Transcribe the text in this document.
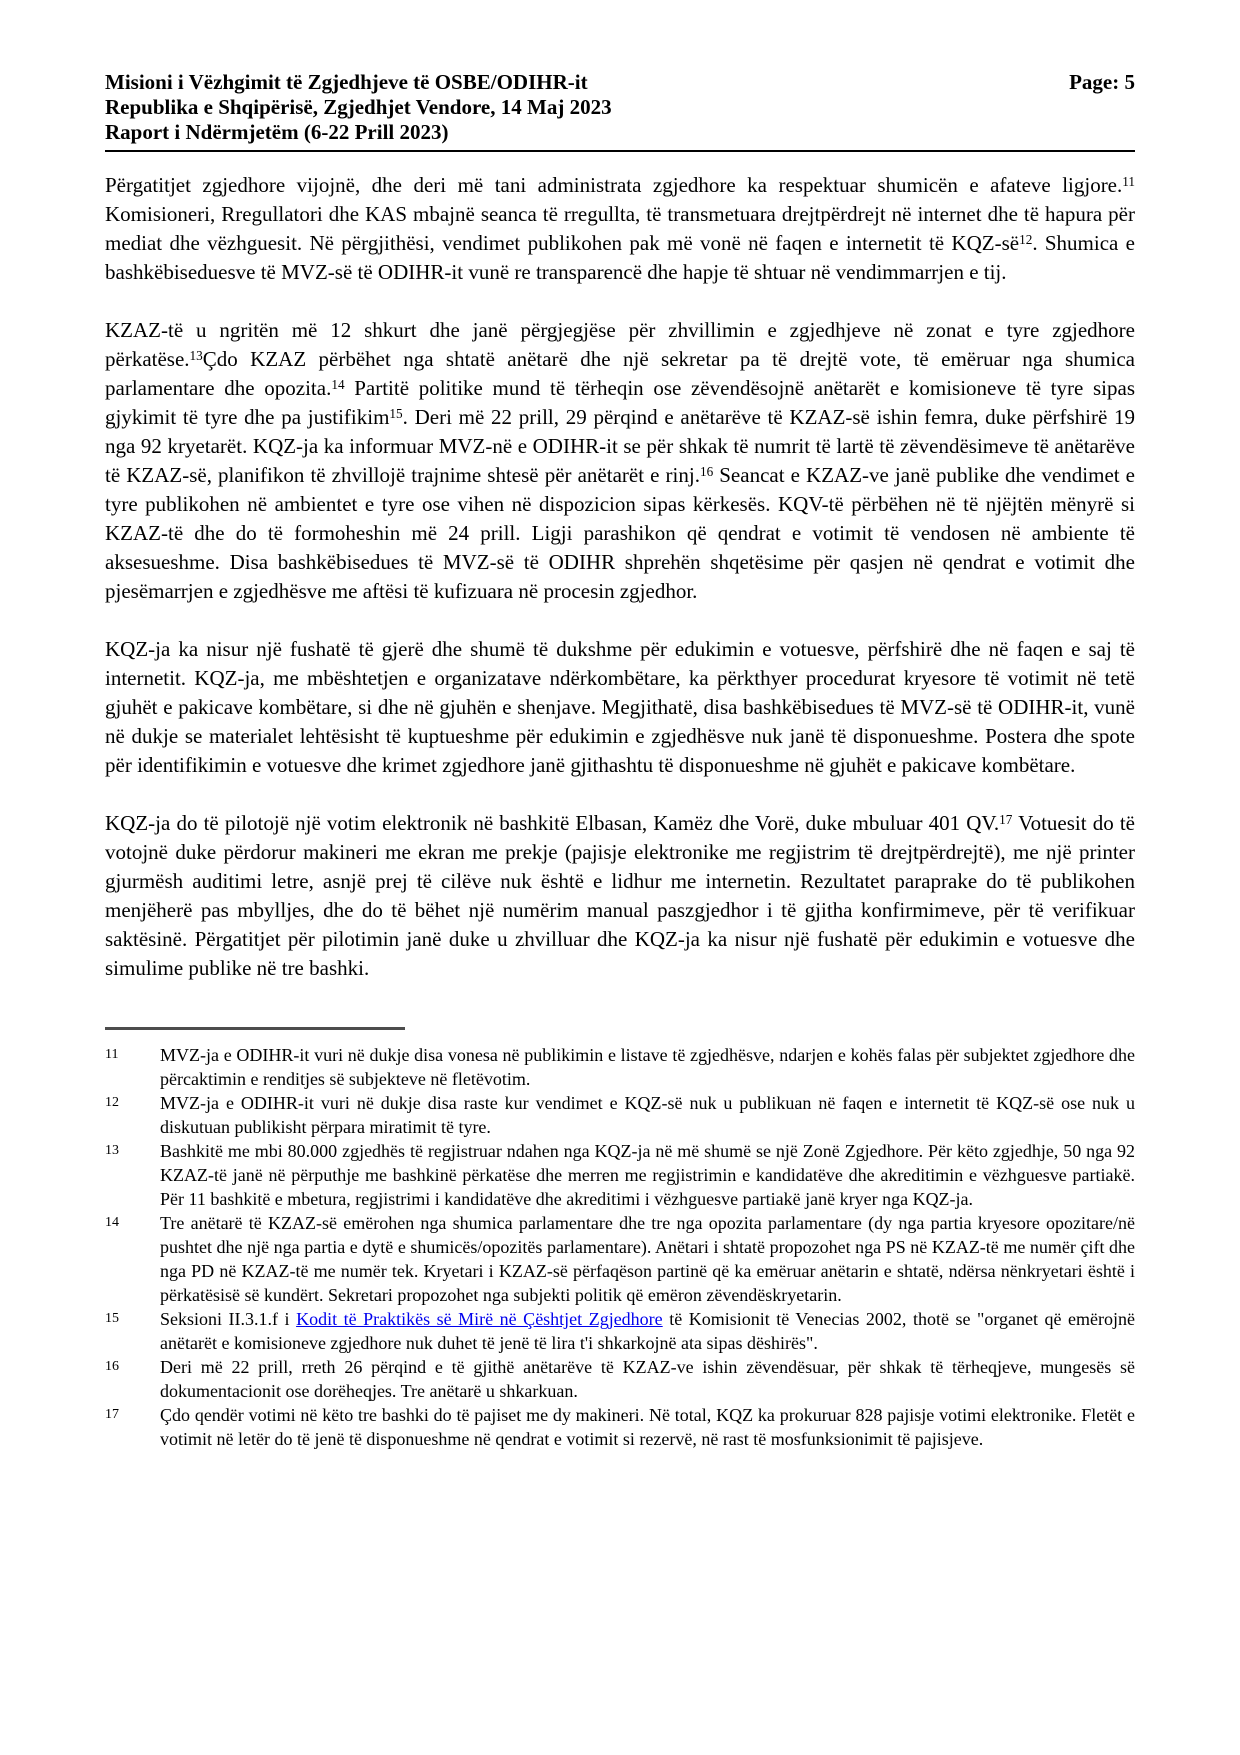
Misioni i Vëzhgimit të Zgjedhjeve të OSBE/ODIHR-it
Republika e Shqipërisë, Zgjedhjet Vendore, 14 Maj 2023
Raport i Ndërmjetëm (6-22 Prill 2023)
Page: 5

Përgatitjet zgjedhore vijojnë, dhe deri më tani administrata zgjedhore ka respektuar shumicën e afateve ligjore.$^{11}$ Komisioneri, Rregullatori dhe KAS mbajnë seanca të rregullta, të transmetuara drejtpërdrejt në internet dhe të hapura për mediat dhe vëzhguesit. Në përgjithësi, vendimet publikohen pak më vonë në faqen e internetit të KQZ-së$^{12}$. Shumica e bashkëbiseduesve të MVZ-së të ODIHR-it vunë re transparencë dhe hapje të shtuar në vendimmarrjen e tij.

KZAZ-të u ngritën më 12 shkurt dhe janë përgjegjëse për zhvillimin e zgjedhjeve në zonat e tyre zgjedhore përkatëse.$^{13}$Çdo KZAZ përbëhet nga shtatë anëtarë dhe një sekretar pa të drejtë vote, të emëruar nga shumica parlamentare dhe opozita.$^{14}$ Partitë politike mund të tërheqin ose zëvendësojnë anëtarët e komisioneve të tyre sipas gjykimit të tyre dhe pa justifikim$^{15}$. Deri më 22 prill, 29 përqind e anëtarëve të KZAZ-së ishin femra, duke përfshirë 19 nga 92 kryetarët. KQZ-ja ka informuar MVZ-në e ODIHR-it se për shkak të numrit të lartë të zëvendësimeve të anëtarëve të KZAZ-së, planifikon të zhvillojë trajnime shtesë për anëtarët e rinj.$^{16}$ Seancat e KZAZ-ve janë publike dhe vendimet e tyre publikohen në ambientet e tyre ose vihen në dispozicion sipas kërkesës. KQV-të përbëhen në të njëjtën mënyrë si KZAZ-të dhe do të formoheshin më 24 prill. Ligji parashikon që qendrat e votimit të vendosen në ambiente të aksesueshme. Disa bashkëbisedues të MVZ-së të ODIHR shprehën shqetësime për qasjen në qendrat e votimit dhe pjesëmarrjen e zgjedhësve me aftësi të kufizuara në procesin zgjedhor.

KQZ-ja ka nisur një fushatë të gjerë dhe shumë të dukshme për edukimin e votuesve, përfshirë dhe në faqen e saj të internetit. KQZ-ja, me mbështetjen e organizatave ndërkombëtare, ka përkthyer procedurat kryesore të votimit në tetë gjuhët e pakicave kombëtare, si dhe në gjuhën e shenjave. Megjithatë, disa bashkëbisedues të MVZ-së të ODIHR-it, vunë në dukje se materialet lehtësisht të kuptueshme për edukimin e zgjedhësve nuk janë të disponueshme. Postera dhe spote për identifikimin e votuesve dhe krimet zgjedhore janë gjithashtu të disponueshme në gjuhët e pakicave kombëtare.

KQZ-ja do të pilotojë një votim elektronik në bashkitë Elbasan, Kamëz dhe Vorë, duke mbuluar 401 QV.$^{17}$ Votuesit do të votojnë duke përdorur makineri me ekran me prekje (pajisje elektronike me regjistrim të drejtpërdrejtë), me një printer gjurmësh auditimi letre, asnjë prej të cilëve nuk është e lidhur me internetin. Rezultatet paraprake do të publikohen menjëherë pas mbylljes, dhe do të bëhet një numërim manual paszgjedhor i të gjitha konfirmimeve, për të verifikuar saktësinë. Përgatitjet për pilotimin janë duke u zhvilluar dhe KQZ-ja ka nisur një fushatë për edukimin e votuesve dhe simulime publike në tre bashki.

11	MVZ-ja e ODIHR-it vuri në dukje disa vonesa në publikimin e listave të zgjedhësve, ndarjen e kohës falas për subjektet zgjedhore dhe përcaktimin e renditjes së subjekteve në fletëvotim.
12	MVZ-ja e ODIHR-it vuri në dukje disa raste kur vendimet e KQZ-së nuk u publikuan në faqen e internetit të KQZ-së ose nuk u diskutuan publikisht përpara miratimit të tyre.
13	Bashkitë me mbi 80.000 zgjedhës të regjistruar ndahen nga KQZ-ja në më shumë se një Zonë Zgjedhore. Për këto zgjedhje, 50 nga 92 KZAZ-të janë në përputhje me bashkinë përkatëse dhe merren me regjistrimin e kandidatëve dhe akreditimin e vëzhguesve partiakë. Për 11 bashkitë e mbetura, regjistrimi i kandidatëve dhe akreditimi i vëzhguesve partiakë janë kryer nga KQZ-ja.
14	Tre anëtarë të KZAZ-së emërohen nga shumica parlamentare dhe tre nga opozita parlamentare (dy nga partia kryesore opozitare/në pushtet dhe një nga partia e dytë e shumicës/opozitës parlamentare). Anëtari i shtatë propozohet nga PS në KZAZ-të me numër çift dhe nga PD në KZAZ-të me numër tek. Kryetari i KZAZ-së përfaqëson partinë që ka emëruar anëtarin e shtatë, ndërsa nënkryetari është i përkatësisë së kundërt. Sekretari propozohet nga subjekti politik që emëron zëvendëskryetarin.
15	Seksioni II.3.1.f i Kodit të Praktikës së Mirë në Çështjet Zgjedhore të Komisionit të Venecias 2002, thotë se "organet që emërojnë anëtarët e komisioneve zgjedhore nuk duhet të jenë të lira t'i shkarkojnë ata sipas dëshirës".
16	Deri më 22 prill, rreth 26 përqind e të gjithë anëtarëve të KZAZ-ve ishin zëvendësuar, për shkak të tërheqjeve, mungesës së dokumentacionit ose dorëheqjes. Tre anëtarë u shkarkuan.
17	Çdo qendër votimi në këto tre bashki do të pajiset me dy makineri. Në total, KQZ ka prokuruar 828 pajisje votimi elektronike. Fletët e votimit në letër do të jenë të disponueshme në qendrat e votimit si rezervë, në rast të mosfunksionimit të pajisjeve.
